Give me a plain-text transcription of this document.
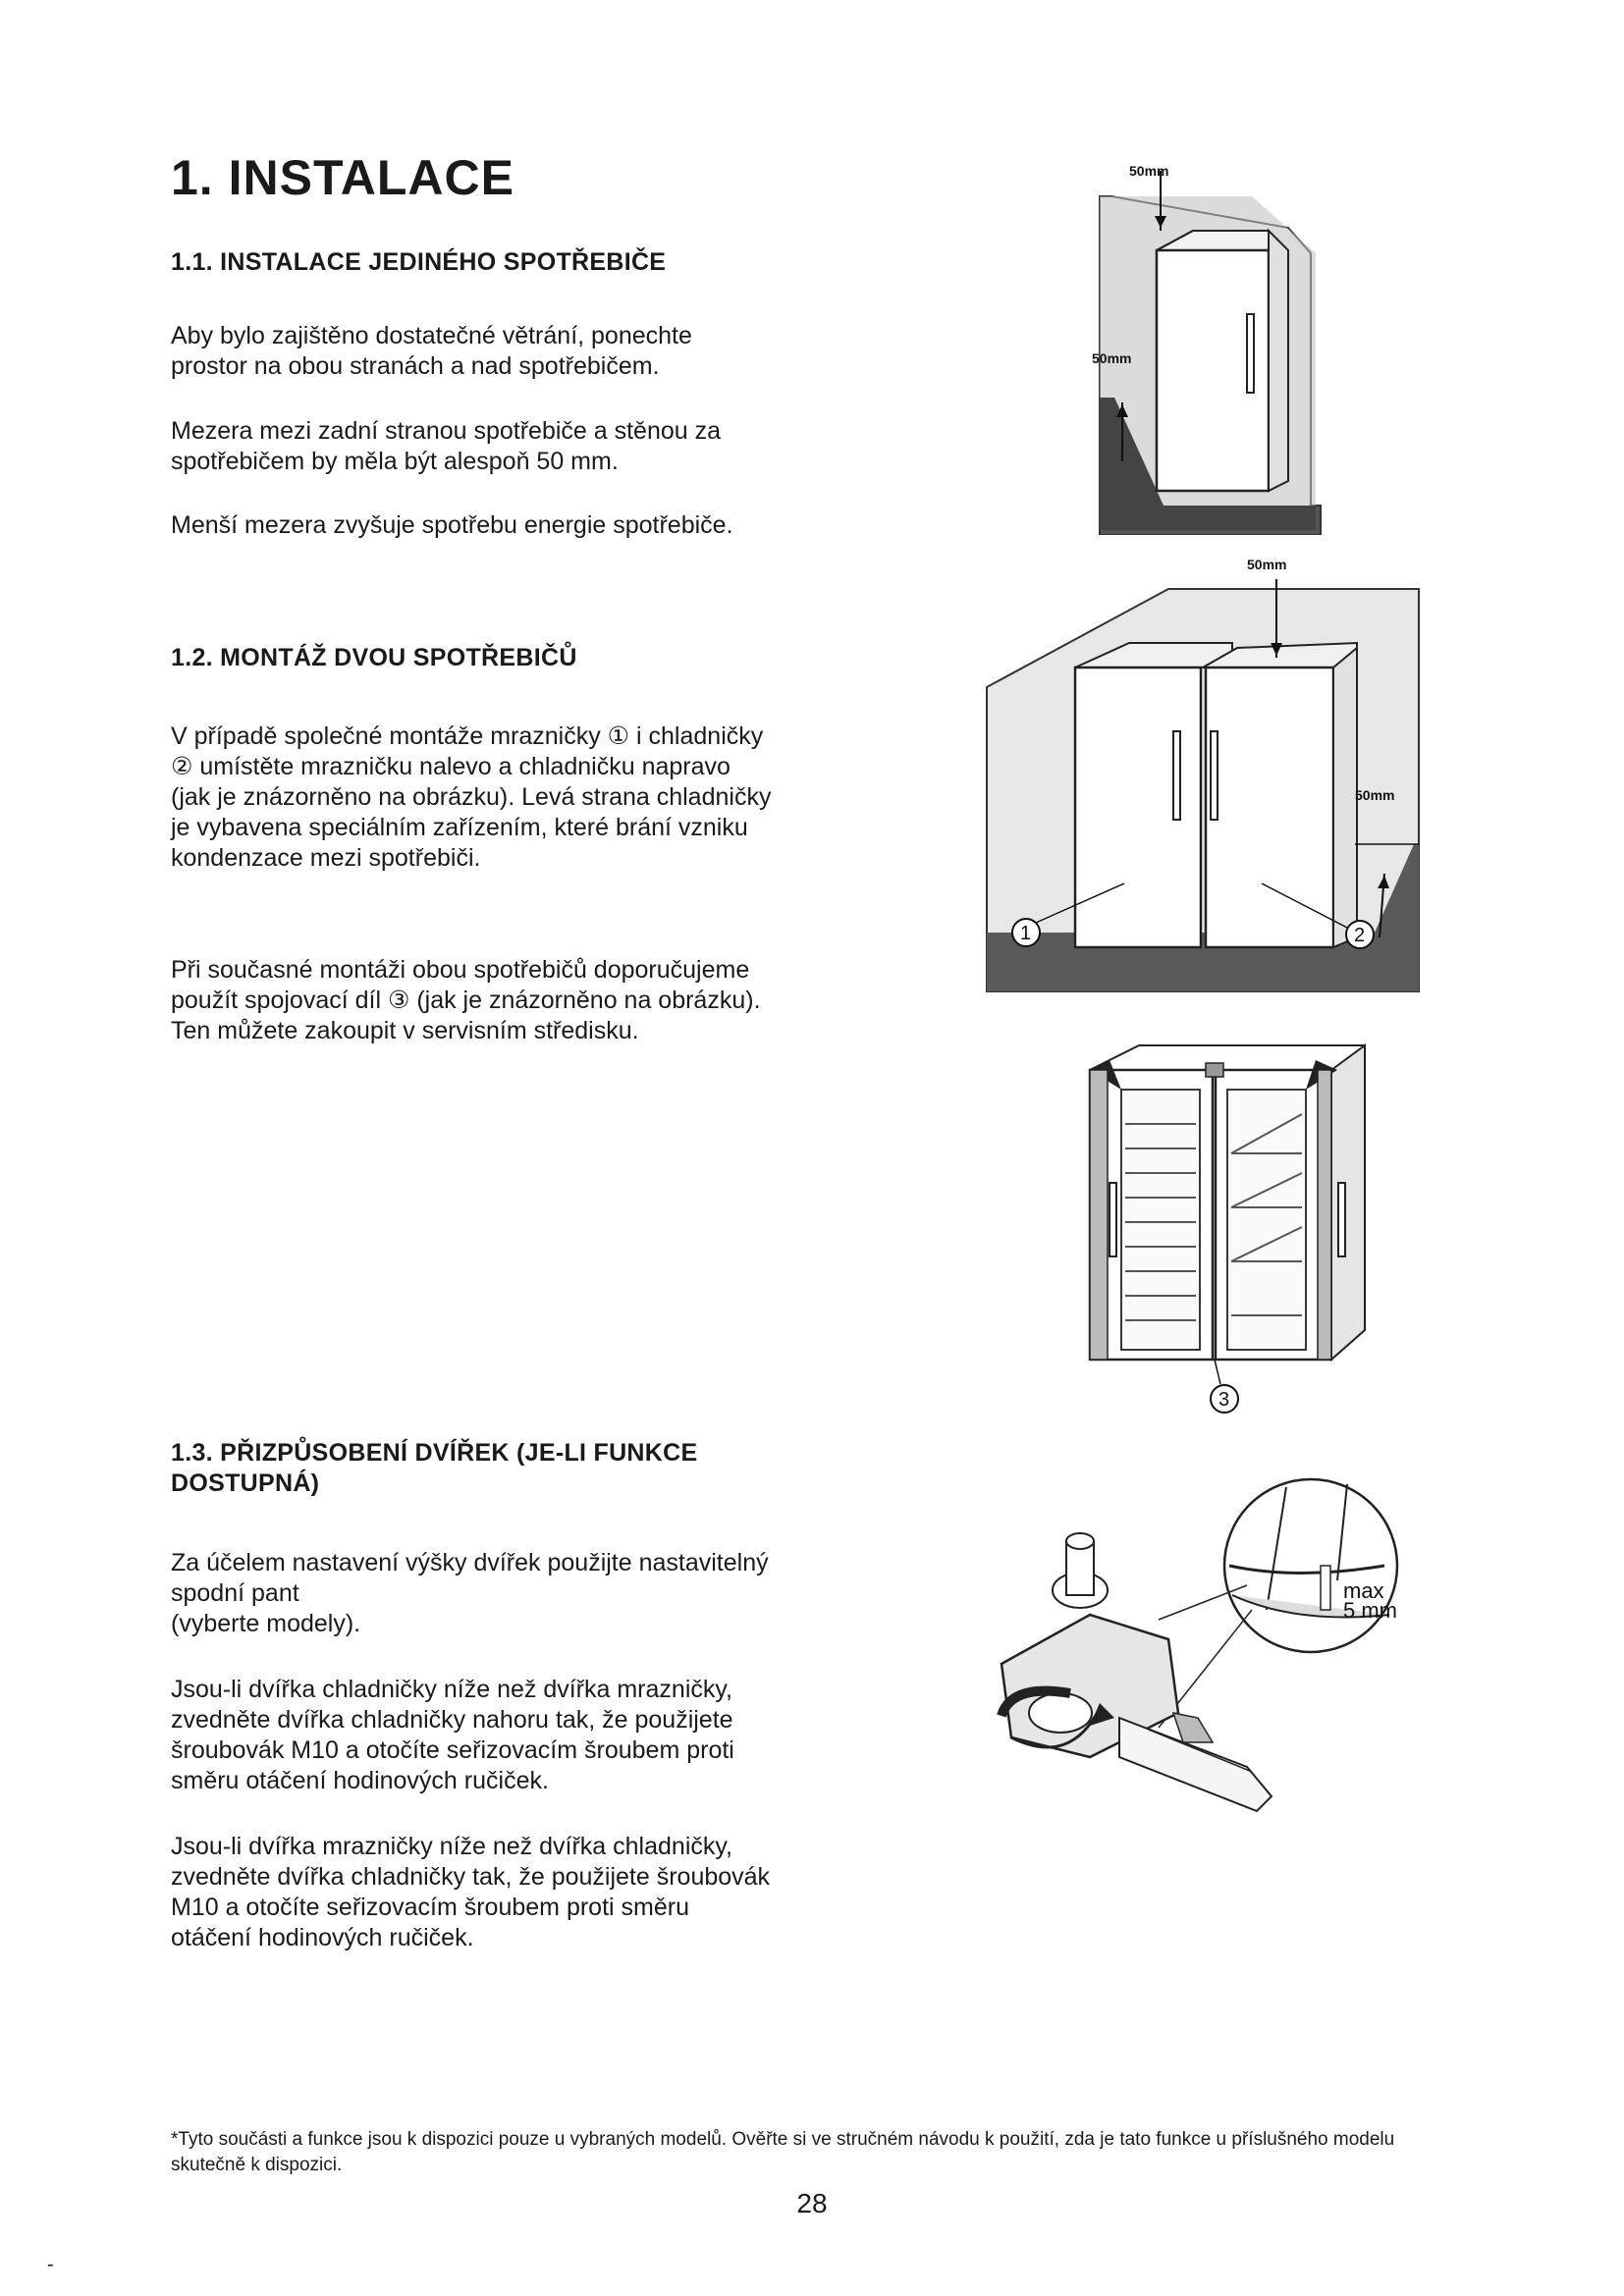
1. INSTALACE
1.1. INSTALACE JEDINÉHO SPOTŘEBIČE

Aby bylo zajištěno dostatečné větrání, ponechte
prostor na obou stranách a nad spotřebičem.

Mezera mezi zadní stranou spotřebiče a stěnou za
spotřebičem by měla být alespoň 50 mm.

Menší mezera zvyšuje spotřebu energie spotřebiče.

1.2. MONTÁŽ DVOU SPOTŘEBIČŮ

V případě společné montáže mrazničky ① i chladničky
② umístěte mrazničku nalevo a chladničku napravo
(jak je znázorněno na obrázku). Levá strana chladničky
je vybavena speciálním zařízením, které brání vzniku
kondenzace mezi spotřebiči.

Při současné montáži obou spotřebičů doporučujeme
použít spojovací díl ③ (jak je znázorněno na obrázku).
Ten můžete zakoupit v servisním středisku.

1.3. PŘIZPŮSOBENÍ DVÍŘEK (JE-LI FUNKCE
DOSTUPNÁ)

Za účelem nastavení výšky dvířek použijte nastavitelný
spodní pant
(vyberte modely).

Jsou-li dvířka chladničky níže než dvířka mrazničky,
zvedněte dvířka chladničky nahoru tak, že použijete
šroubovák M10 a otočíte seřizovacím šroubem proti
směru otáčení hodinových ručiček.

Jsou-li dvířka mrazničky níže než dvířka chladničky,
zvedněte dvířka chladničky tak, že použijete šroubovák
M10 a otočíte seřizovacím šroubem proti směru
otáčení hodinových ručiček.

50mm
50mm
50mm
50mm
1	2
3
max
5 mm

*Tyto součásti a funkce jsou k dispozici pouze u vybraných modelů. Ověřte si ve stručném návodu k použití, zda je tato funkce u příslušného modelu skutečně k dispozici.

28

-
